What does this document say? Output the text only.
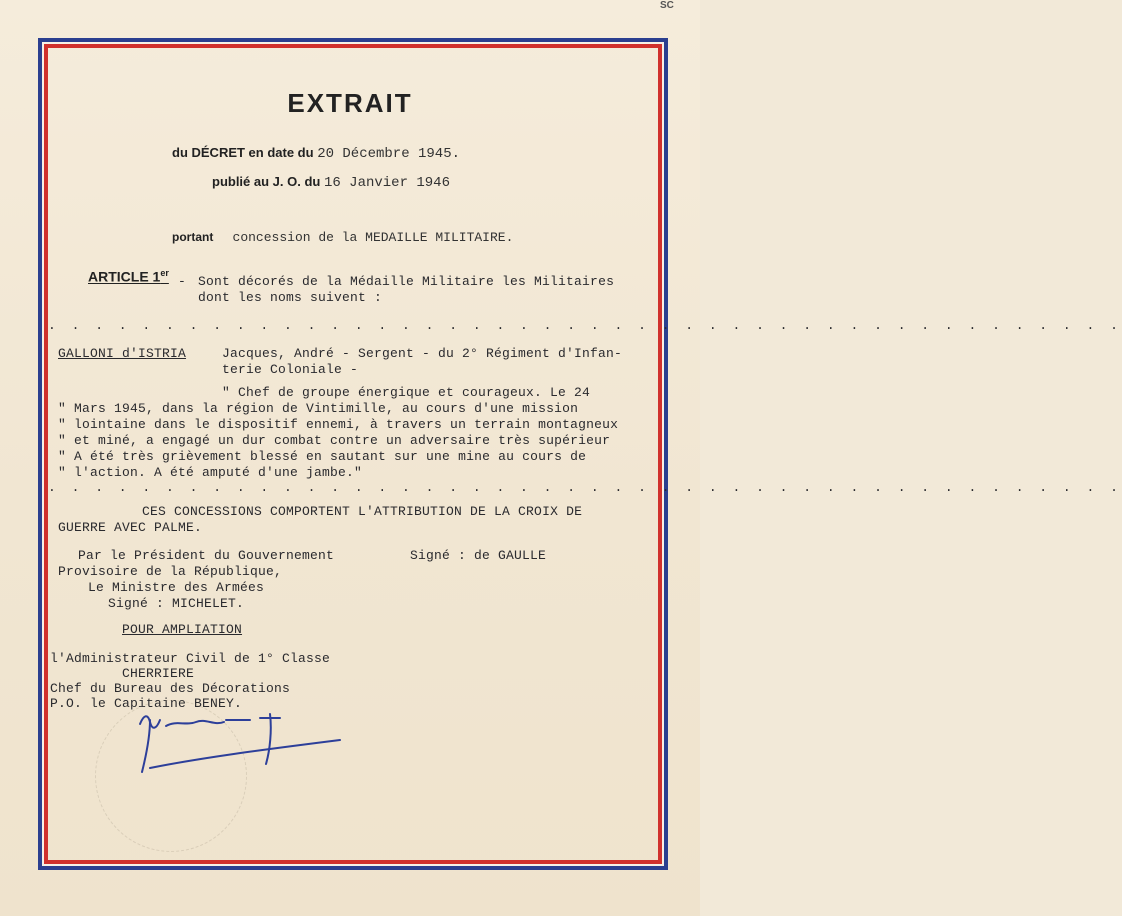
SC
EXTRAIT
du DÉCRET en date du 20 Décembre 1945.
publié au J. O. du 16 Janvier 1946
portant concession de la MEDAILLE MILITAIRE.
ARTICLE 1er
- Sont décorés de la Médaille Militaire les Militaires
dont les noms suivent :
. . . . . . . . . . . . . . . . . . . . . . . . . . . . . . . . . . . . . . . . . . . . . .
GALLONI d'ISTRIA	Jacques, André - Sergent - du 2° Régiment d'Infan-
terie Coloniale -
" Chef de groupe énergique et courageux. Le 24
" Mars 1945, dans la région de Vintimille, au cours d'une mission
" lointaine dans le dispositif ennemi, à travers un terrain montagneux
" et miné, a engagé un dur combat contre un adversaire très supérieur
" A été très grièvement blessé en sautant sur une mine au cours de
" l'action. A été amputé d'une jambe."
. . . . . . . . . . . . . . . . . . . . . . . . . . . . . . . . . . . . . . . . . . . . . .
CES CONCESSIONS COMPORTENT L'ATTRIBUTION DE LA CROIX DE
GUERRE AVEC PALME.
Par le Président du Gouvernement
Provisoire de la République,
Le Ministre des Armées
Signé : MICHELET.
Signé : de GAULLE
POUR AMPLIATION
l'Administrateur Civil de 1° Classe
CHERRIERE
Chef du Bureau des Décorations
P.O. le Capitaine BENEY.
